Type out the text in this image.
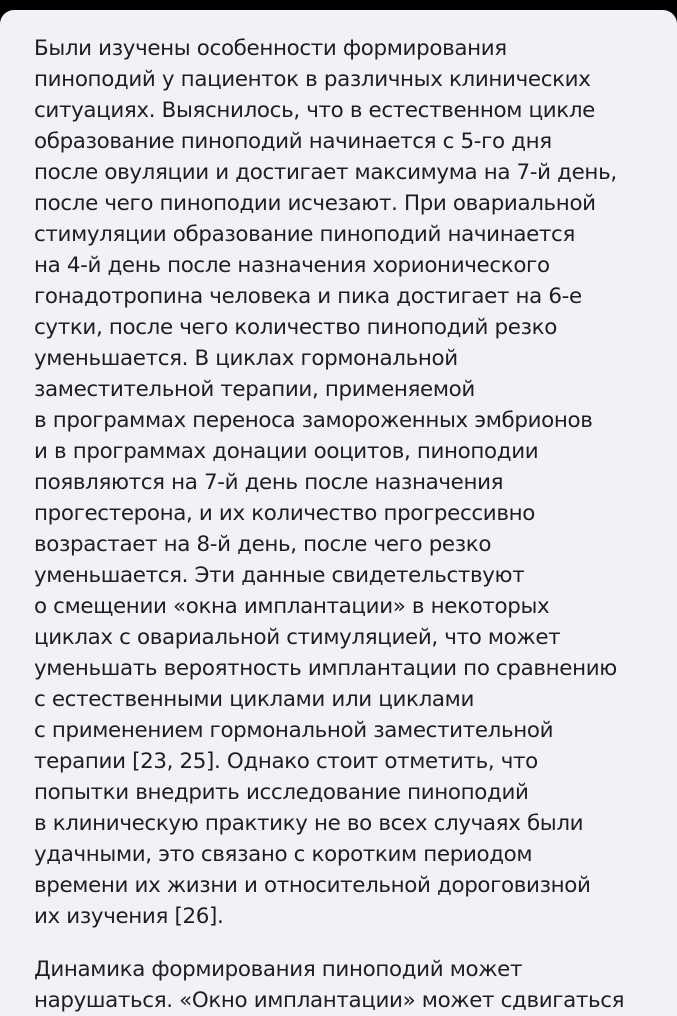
Были изучены особенности формирования
пиноподий у пациенток в различных клинических
ситуациях. Выяснилось, что в естественном цикле
образование пиноподий начинается с 5-го дня
после овуляции и достигает максимума на 7-й день,
после чего пиноподии исчезают. При овариальной
стимуляции образование пиноподий начинается
на 4-й день после назначения хорионического
гонадотропина человека и пика достигает на 6-е
сутки, после чего количество пиноподий резко
уменьшается. В циклах гормональной
заместительной терапии, применяемой
в программах переноса замороженных эмбрионов
и в программах донации ооцитов, пиноподии
появляются на 7-й день после назначения
прогестерона, и их количество прогрессивно
возрастает на 8-й день, после чего резко
уменьшается. Эти данные свидетельствуют
о смещении «окна имплантации» в некоторых
циклах с овариальной стимуляцией, что может
уменьшать вероятность имплантации по сравнению
с естественными циклами или циклами
с применением гормональной заместительной
терапии [23, 25]. Однако стоит отметить, что
попытки внедрить исследование пиноподий
в клиническую практику не во всех случаях были
удачными, это связано с коротким периодом
времени их жизни и относительной дороговизной
их изучения [26].
Динамика формирования пиноподий может
нарушаться. «Окно имплантации» может сдвигаться
